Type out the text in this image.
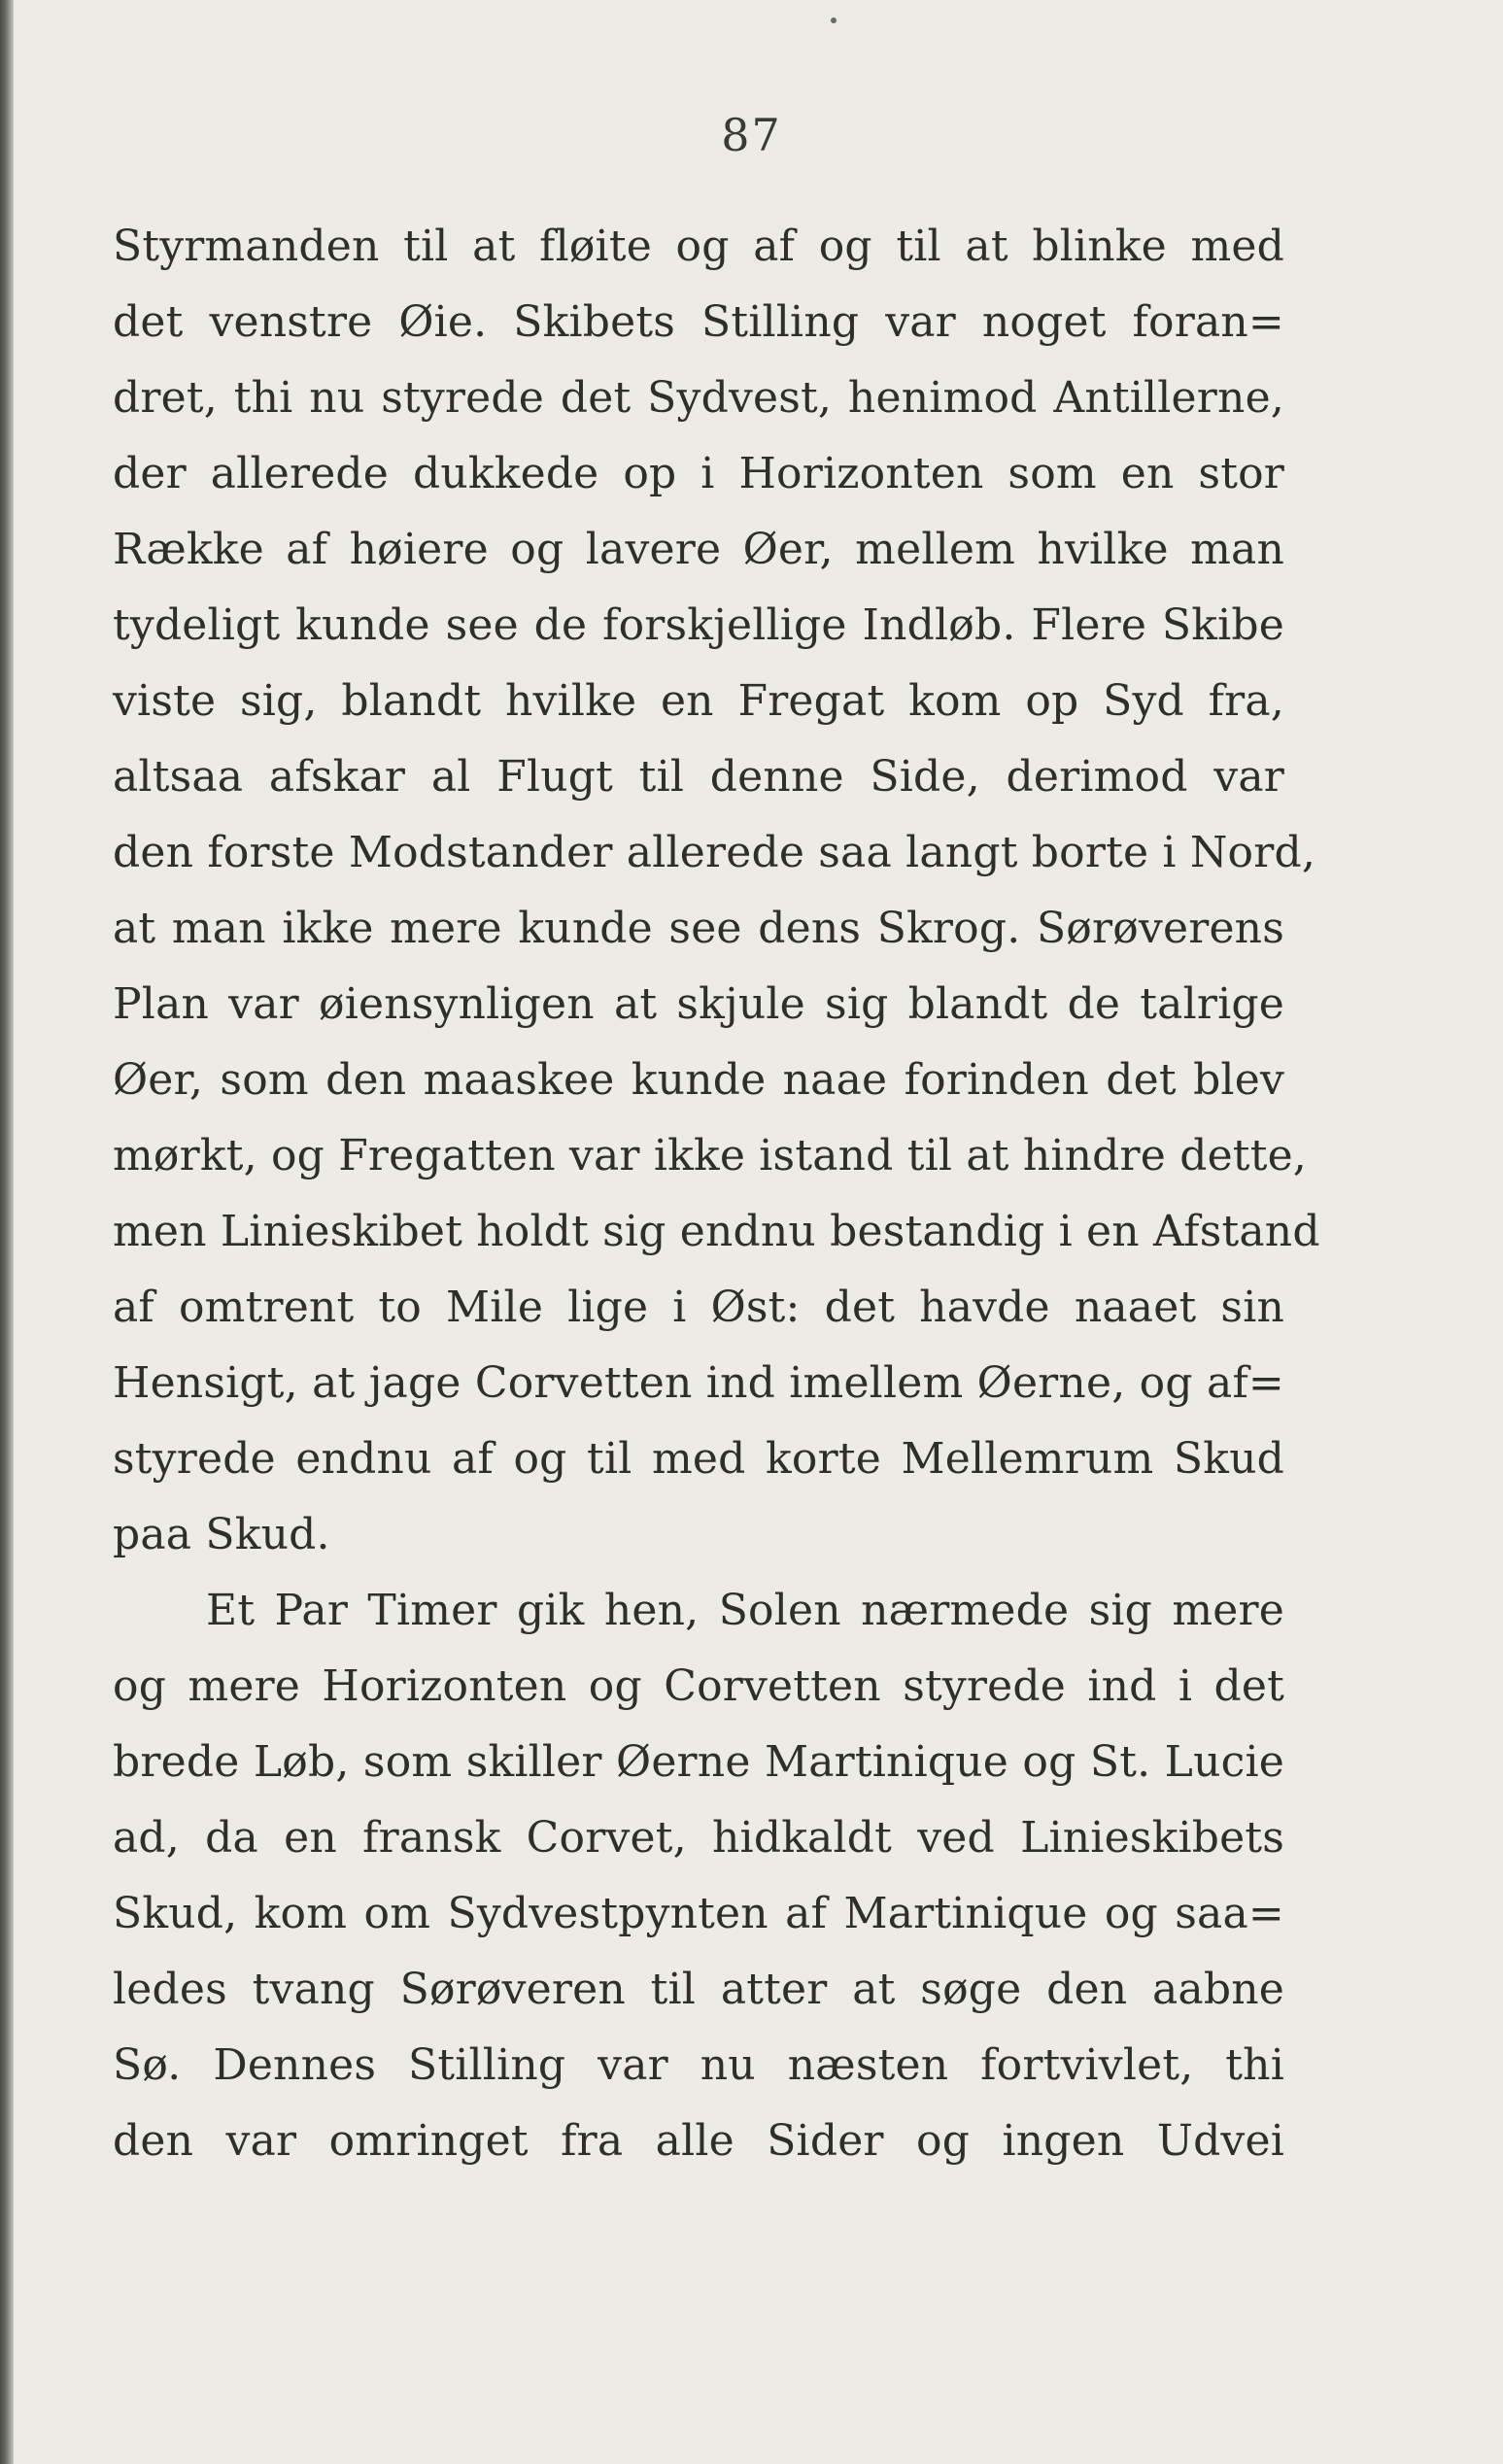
87
Styrmanden til at fløite og af og til at blinke med
det venstre Øie. Skibets Stilling var noget foran=
dret, thi nu styrede det Sydvest, henimod Antillerne,
der allerede dukkede op i Horizonten som en stor
Række af høiere og lavere Øer, mellem hvilke man
tydeligt kunde see de forskjellige Indløb. Flere Skibe
viste sig, blandt hvilke en Fregat kom op Syd fra,
altsaa afskar al Flugt til denne Side, derimod var
den forste Modstander allerede saa langt borte i Nord,
at man ikke mere kunde see dens Skrog. Sørøverens
Plan var øiensynligen at skjule sig blandt de talrige
Øer, som den maaskee kunde naae forinden det blev
mørkt, og Fregatten var ikke istand til at hindre dette,
men Linieskibet holdt sig endnu bestandig i en Afstand
af omtrent to Mile lige i Øst: det havde naaet sin
Hensigt, at jage Corvetten ind imellem Øerne, og af=
styrede endnu af og til med korte Mellemrum Skud
paa Skud.
Et Par Timer gik hen, Solen nærmede sig mere
og mere Horizonten og Corvetten styrede ind i det
brede Løb, som skiller Øerne Martinique og St. Lucie
ad, da en fransk Corvet, hidkaldt ved Linieskibets
Skud, kom om Sydvestpynten af Martinique og saa=
ledes tvang Sørøveren til atter at søge den aabne
Sø. Dennes Stilling var nu næsten fortvivlet, thi
den var omringet fra alle Sider og ingen Udvei
